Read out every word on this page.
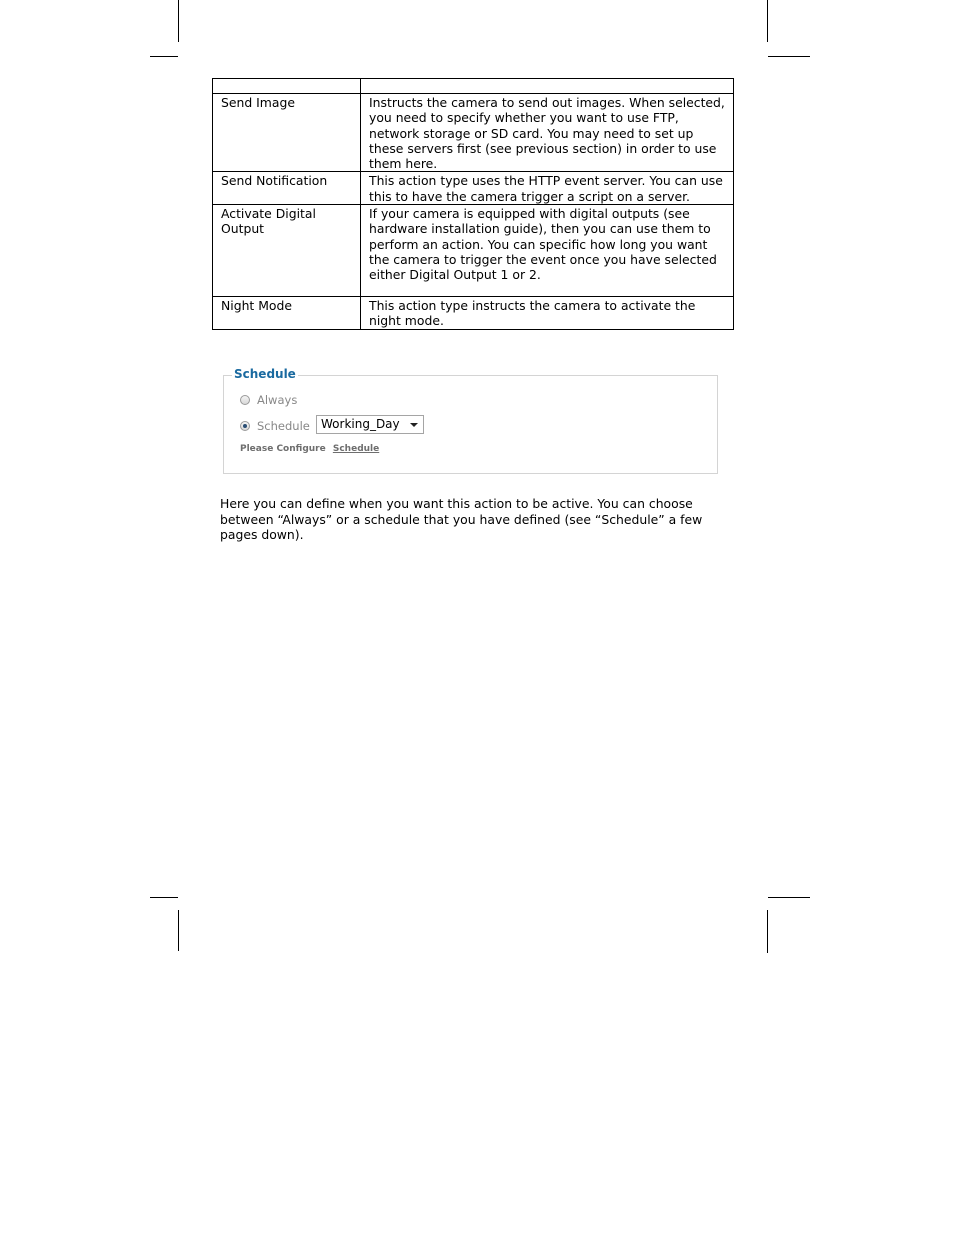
Send Image	Instructs the camera to send out images. When selected, you need to specify whether you want to use FTP, network storage or SD card. You may need to set up these servers first (see previous section) in order to use them here.
Send Notification	This action type uses the HTTP event server. You can use this to have the camera trigger a script on a server.
Activate Digital Output	If your camera is equipped with digital outputs (see hardware installation guide), then you can use them to perform an action. You can specific how long you want the camera to trigger the event once you have selected either Digital Output 1 or 2.
Night Mode	This action type instructs the camera to activate the night mode.
Schedule
Always
Schedule Working_Day
Please Configure Schedule

Here you can define when you want this action to be active. You can choose between “Always” or a schedule that you have defined (see “Schedule” a few pages down).
